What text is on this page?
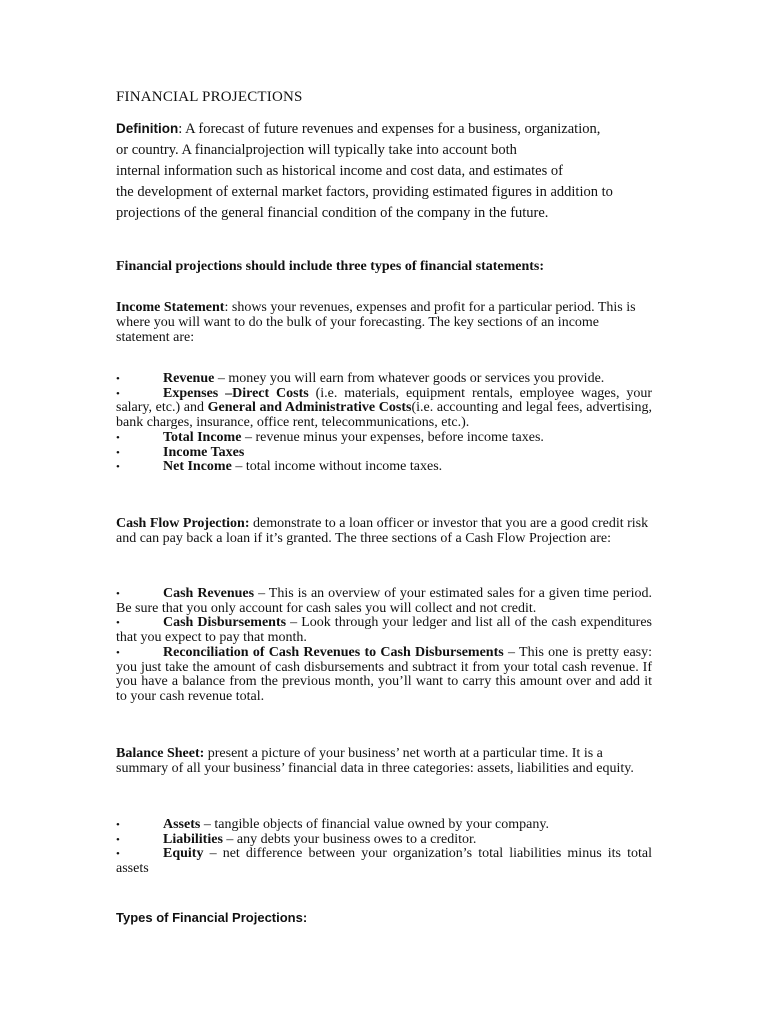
FINANCIAL PROJECTIONS
Definition: A forecast of future revenues and expenses for a business, organization,
or country. A financialprojection will typically take into account both
internal information such as historical income and cost data, and estimates of
the development of external market factors, providing estimated figures in addition to
projections of the general financial condition of the company in the future.
Financial projections should include three types of financial statements:
Income Statement: shows your revenues, expenses and profit for a particular period. This is where you will want to do the bulk of your forecasting. The key sections of an income statement are:
•	Revenue – money you will earn from whatever goods or services you provide.
•	Expenses –Direct Costs (i.e. materials, equipment rentals, employee wages, your salary, etc.) and General and Administrative Costs(i.e. accounting and legal fees, advertising, bank charges, insurance, office rent, telecommunications, etc.).
•	Total Income – revenue minus your expenses, before income taxes.
•	Income Taxes
•	Net Income – total income without income taxes.
Cash Flow Projection: demonstrate to a loan officer or investor that you are a good credit risk and can pay back a loan if it’s granted. The three sections of a Cash Flow Projection are:
•	Cash Revenues – This is an overview of your estimated sales for a given time period. Be sure that you only account for cash sales you will collect and not credit.
•	Cash Disbursements – Look through your ledger and list all of the cash expenditures that you expect to pay that month.
•	Reconciliation of Cash Revenues to Cash Disbursements – This one is pretty easy: you just take the amount of cash disbursements and subtract it from your total cash revenue. If you have a balance from the previous month, you’ll want to carry this amount over and add it to your cash revenue total.
Balance Sheet: present a picture of your business’ net worth at a particular time. It is a summary of all your business’ financial data in three categories: assets, liabilities and equity.
•	Assets – tangible objects of financial value owned by your company.
•	Liabilities – any debts your business owes to a creditor.
•	Equity – net difference between your organization’s total liabilities minus its total assets
Types of Financial Projections:
